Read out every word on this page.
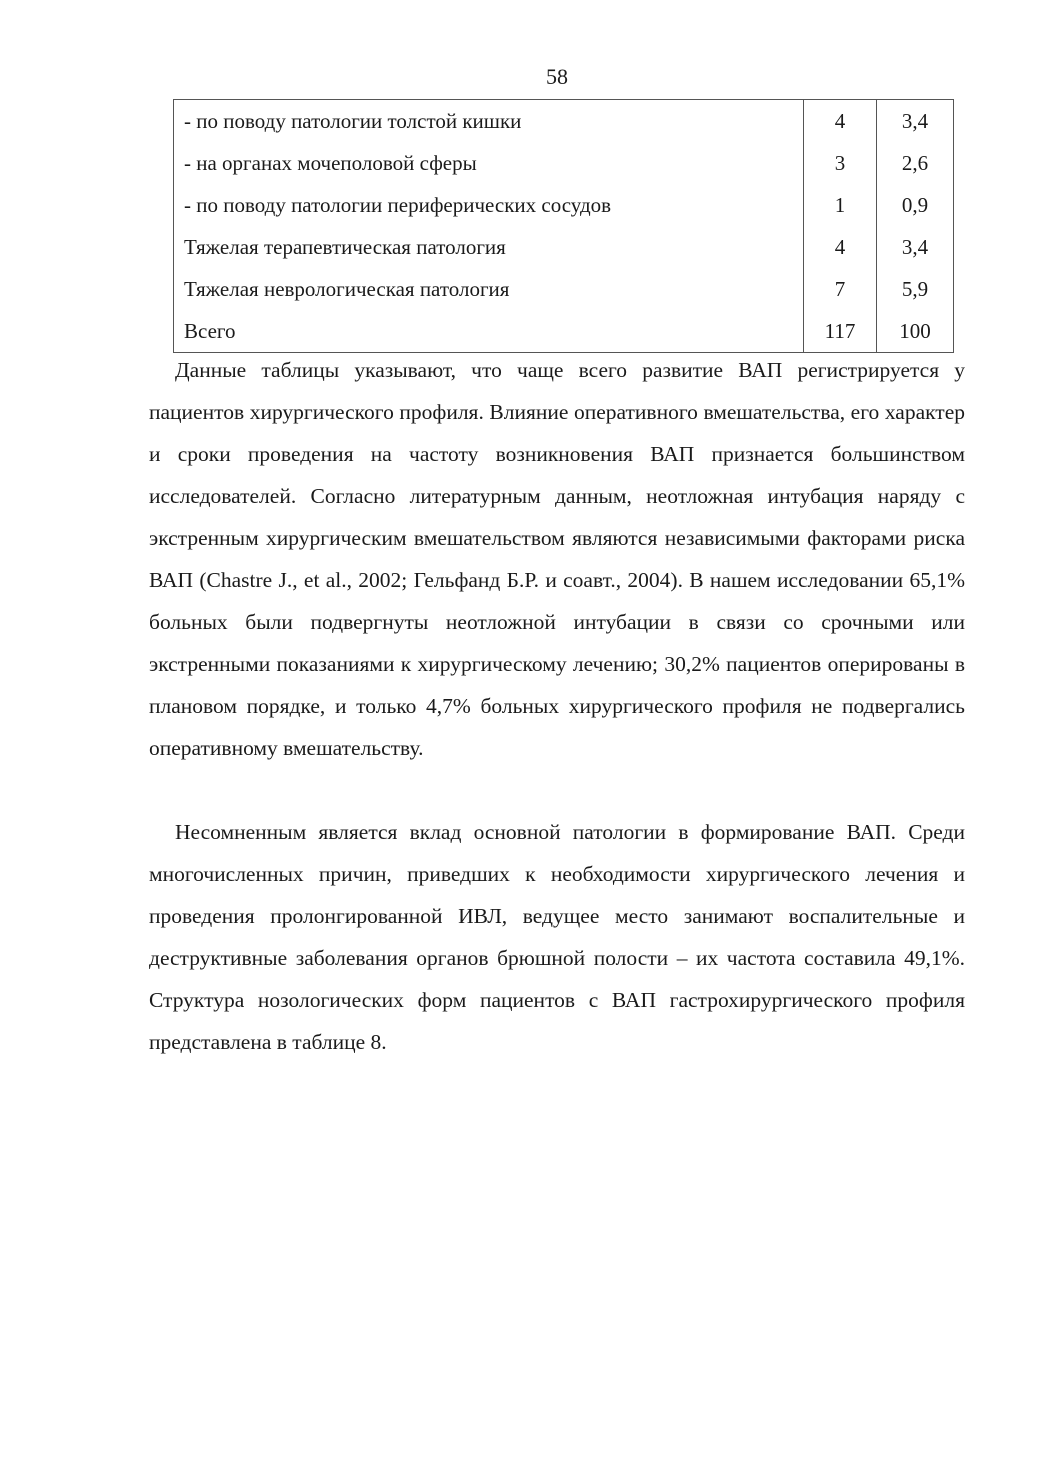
58
- по поводу патологии толстой кишки	4	3,4
- на органах мочеполовой сферы	3	2,6
- по поводу патологии периферических сосудов	1	0,9
Тяжелая терапевтическая патология	4	3,4
Тяжелая неврологическая патология	7	5,9
Всего	117	100

Данные таблицы указывают, что чаще всего развитие ВАП регистрируется у пациентов хирургического профиля. Влияние оперативного вмешательства, его характер и сроки проведения на частоту возникновения ВАП признается большинством исследователей. Согласно литературным данным, неотложная интубация наряду с экстренным хирургическим вмешательством являются независимыми факторами риска ВАП (Chastre J., et al., 2002; Гельфанд Б.Р. и соавт., 2004). В нашем исследовании 65,1% больных были подвергнуты неотложной интубации в связи со срочными или экстренными показаниями к хирургическому лечению; 30,2% пациентов оперированы в плановом порядке, и только 4,7% больных хирургического профиля не подвергались оперативному вмешательству.

Несомненным является вклад основной патологии в формирование ВАП. Среди многочисленных причин, приведших к необходимости хирургического лечения и проведения пролонгированной ИВЛ, ведущее место занимают воспалительные и деструктивные заболевания органов брюшной полости – их частота составила 49,1%. Структура нозологических форм пациентов с ВАП гастрохирургического профиля представлена в таблице 8.
